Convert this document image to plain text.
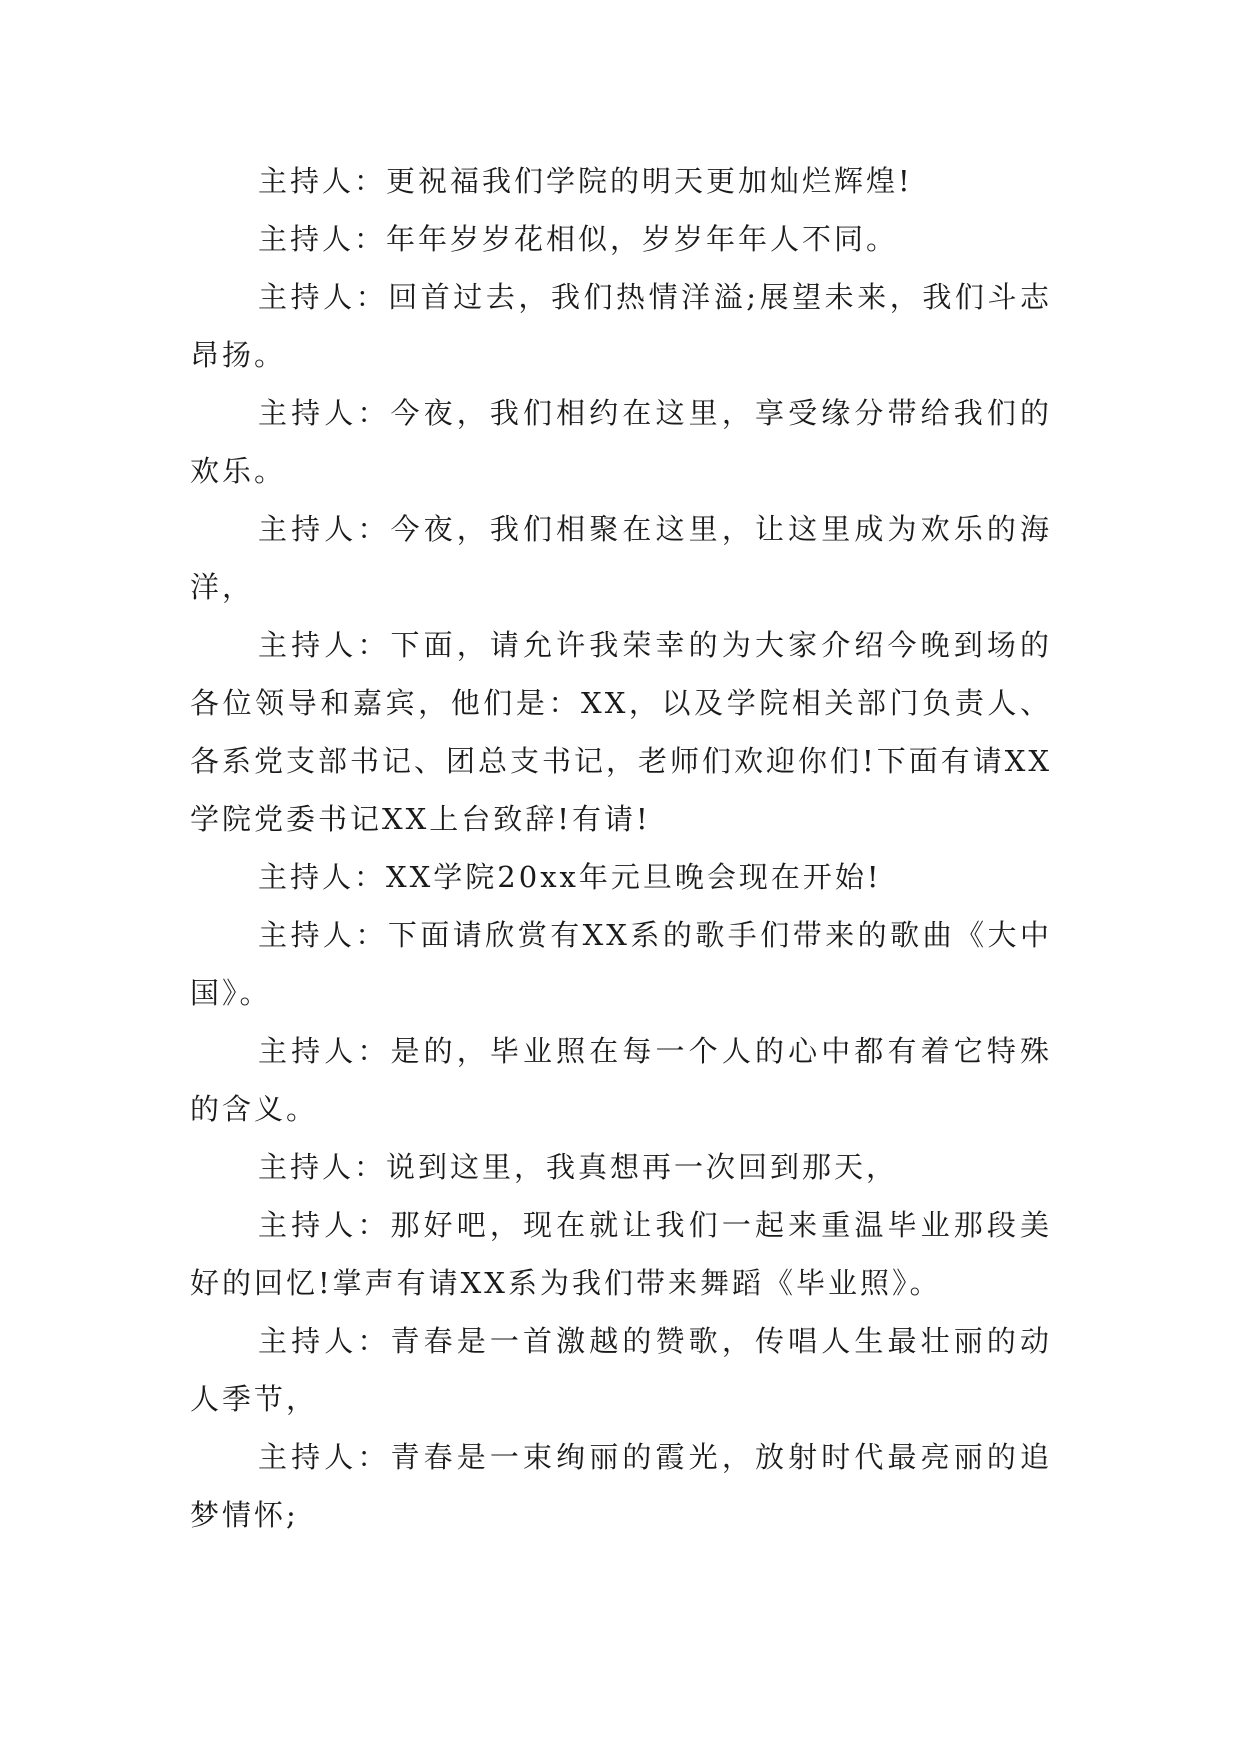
主持人：更祝福我们学院的明天更加灿烂辉煌!

主持人：年年岁岁花相似，岁岁年年人不同。

主持人：回首过去，我们热情洋溢;展望未来，我们斗志昂扬。

主持人：今夜，我们相约在这里，享受缘分带给我们的欢乐。

主持人：今夜，我们相聚在这里，让这里成为欢乐的海洋，

主持人：下面，请允许我荣幸的为大家介绍今晚到场的各位领导和嘉宾，他们是：XX，以及学院相关部门负责人、各系党支部书记、团总支书记，老师们欢迎你们!下面有请XX学院党委书记XX上台致辞!有请!

主持人：XX学院20xx年元旦晚会现在开始!

主持人：下面请欣赏有XX系的歌手们带来的歌曲《大中国》。

主持人：是的，毕业照在每一个人的心中都有着它特殊的含义。

主持人：说到这里，我真想再一次回到那天，

主持人：那好吧，现在就让我们一起来重温毕业那段美好的回忆!掌声有请XX系为我们带来舞蹈《毕业照》。

主持人：青春是一首激越的赞歌，传唱人生最壮丽的动人季节，

主持人：青春是一束绚丽的霞光，放射时代最亮丽的追梦情怀;
